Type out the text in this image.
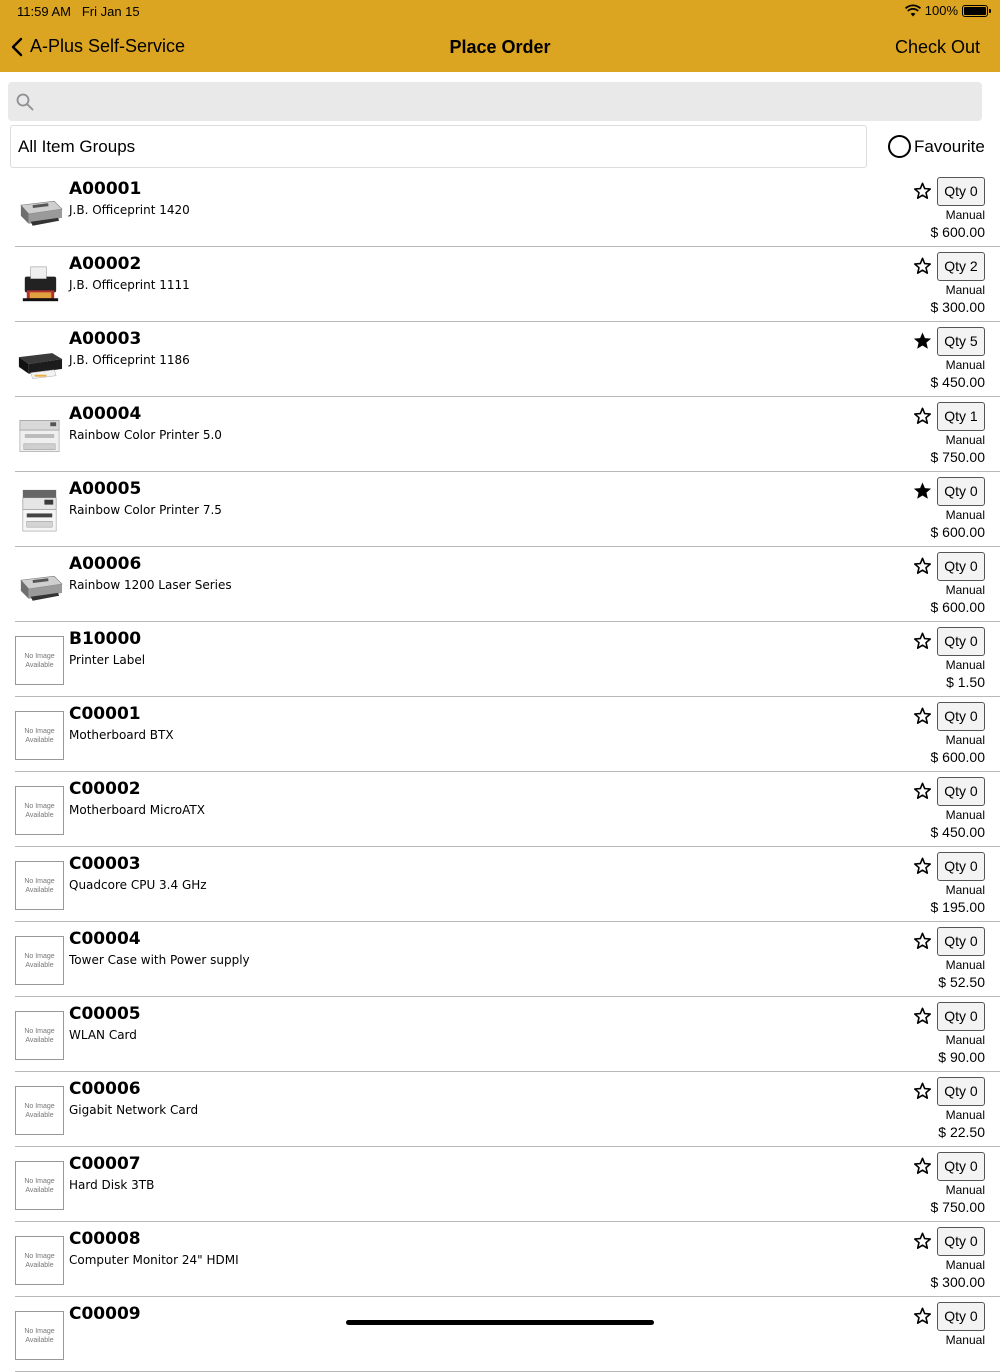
11:59 AM Fri Jan 15	100%
A-Plus Self-Service	Place Order	Check Out
All Item Groups	Favourite
A00001
J.B. Officeprint 1420
Qty 0
Manual
$ 600.00
A00002
J.B. Officeprint 1111
Qty 2
Manual
$ 300.00
A00003
J.B. Officeprint 1186
Qty 5
Manual
$ 450.00
A00004
Rainbow Color Printer 5.0
Qty 1
Manual
$ 750.00
A00005
Rainbow Color Printer 7.5
Qty 0
Manual
$ 600.00
A00006
Rainbow 1200 Laser Series
Qty 0
Manual
$ 600.00
No Image
Available
B10000
Printer Label
Qty 0
Manual
$ 1.50
No Image
Available
C00001
Motherboard BTX
Qty 0
Manual
$ 600.00
No Image
Available
C00002
Motherboard MicroATX
Qty 0
Manual
$ 450.00
No Image
Available
C00003
Quadcore CPU 3.4 GHz
Qty 0
Manual
$ 195.00
No Image
Available
C00004
Tower Case with Power supply
Qty 0
Manual
$ 52.50
No Image
Available
C00005
WLAN Card
Qty 0
Manual
$ 90.00
No Image
Available
C00006
Gigabit Network Card
Qty 0
Manual
$ 22.50
No Image
Available
C00007
Hard Disk 3TB
Qty 0
Manual
$ 750.00
No Image
Available
C00008
Computer Monitor 24" HDMI
Qty 0
Manual
$ 300.00
No Image
Available
C00009	Qty 0
Manual
